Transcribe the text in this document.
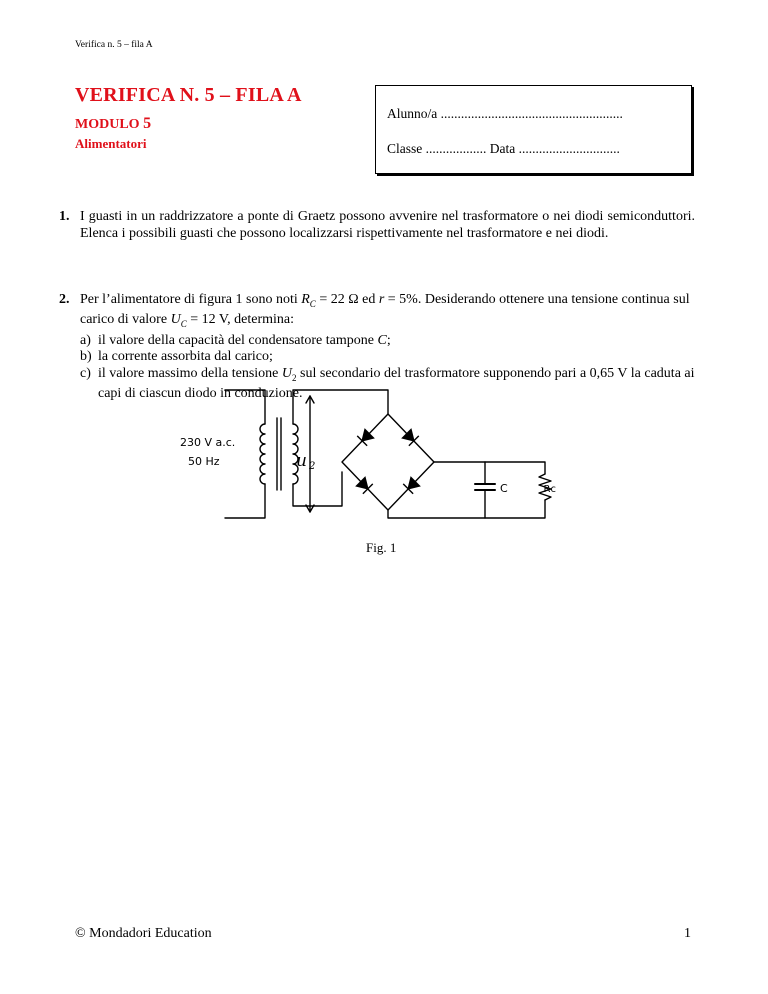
Verifica n. 5 – fila A
VERIFICA N. 5 – FILA A
MODULO 5
Alimentatori
Alunno/a ......................................................
Classe .................. Data ..............................
1. I guasti in un raddrizzatore a ponte di Graetz possono avvenire nel trasformatore o nei diodi semiconduttori. Elenca i possibili guasti che possono localizzarsi rispettivamente nel trasformatore e nei diodi.
2. Per l’alimentatore di figura 1 sono noti $R_C = 22$ Ω ed r = 5%. Desiderando ottenere una tensione continua sul carico di valore $U_C = 12$ V, determina:
a) il valore della capacità del condensatore tampone C;
b) la corrente assorbita dal carico;
c) il valore massimo della tensione $U_2$ sul secondario del trasformatore supponendo pari a 0,65 V la caduta ai capi di ciascun diodo in conduzione.
230 V a.c.
50 Hz
C	Rc
u 2
Fig. 1
© Mondadori Education	1
